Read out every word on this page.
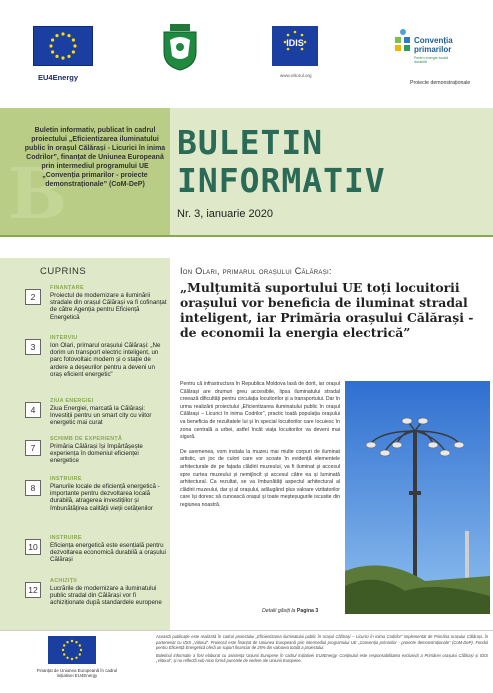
EU4Energy
IDIS
www.viitorul.org
Convenția
primarilor
Pentru energie locală
durabilă
Proiecte demonstraționale
B
Buletin informativ, publicat în cadrul proiectului „Eficientizarea iluminatului public în orașul Călărași - Licurici în inima Codrilor”, finanțat de Uniunea Europeană prin intermediul programului UE „Convenția primarilor - proiecte demonstraționale” (CoM-DeP)
BULETIN
INFORMATIV
Nr. 3, ianuarie 2020
CUPRINS
2
FINANȚARE
Proiectul de modernizare a iluminării stradale din orașul Călărași va fi cofinanțat de către Agenția pentru Eficiență Energetică
3
INTERVIU
Ion Olari, primarul orașului Călărași: „Ne dorim un transport electric inteligent, un parc fotovoltaic modern și o stație de ardere a deșeurilor pentru a deveni un oraș eficient energetic”
4
ZIUA ENERGIEI
Ziua Energiei, marcată la Călărași: Investiții pentru un smart city cu viitor energetic mai curat
7
SCHIMB DE EXPERIENȚĂ
Primăria Călărași își împărtășește experiența în domeniul eficienței energetice
8
INSTRUIRE
Planurile locale de eficiență energetică - importante pentru dezvoltarea locală durabilă, atragerea investițiilor și îmbunătățirea calității vieții cetățenilor
10
INSTRUIRE
Eficiența energetică este esențială pentru dezvoltarea economică durabilă a orașului Călărași
12
ACHIZIȚII
Lucrările de modernizare a iluminatului public stradal din Călărași vor fi achiziționate după standardele europene
Ion Olari, primarul orașului Călărași:
„Mulțumită suportului UE toți locuitorii orașului vor beneficia de iluminat stradal inteligent, iar Primăria orașului Călărași - de economii la energia electrică”

Pentru că infrastructura în Republica Moldova lasă de dorit, iar orașul Călărași are drumuri greu accesibile, lipsa iluminatului stradal creează dificultăți pentru circulația locuitorilor și a transportului. Dar în urma realizării proiectului „Eficientizarea iluminatului public în orașul Călărași – Licurici în inima Codrilor”, practic toată populația orașului va beneficia de rezultatele lui și în special locuitorilor care locuiesc în zona centrală a urbei, astfel încât viața locuitorilor va deveni mai sigură.

De asemenea, vom instala la muzeu mai multe corpuri de iluminat artistic, un joc de culori care vor scoate în evidență elementele arhitecturale de pe fațada clădirii muzeului, va fi iluminat și accesul spre curtea muzeului și nemijlocit și accesul către ea și luminată arhitectural. Ca rezultat, se va îmbunătăți aspectul arhitectural al clădirii muzeului, dar și al orașului, adăugând plus valoare vizitatorilor care își doresc să cunoască orașul și toate meșteșugurile iscusite din regiunea noastră.

Detalii găsiți la Pagina 3
Finanțat de Uniunea Europeană în cadrul inițiativei EU4Energy

Această publicație este realizată în cadrul proiectului „Eficientizarea iluminatului public în orașul Călărași – Licurici în inima Codrilor” implementat de Primăria orașului Călărași, în parteneriat cu IDIS „Viitorul”. Proiectul este finanțat de Uniunea Europeană prin intermediul programului UE „Convenția primarilor - proiecte demonstraționale” (CoM-DeP). Fondul pentru Eficiență Energetică oferă un suport financiar de 25% din valoarea totală a proiectului.

Buletinul informativ a fost elaborat cu asistența Uniunii Europene în cadrul Inițiativei EU4Energy. Conținutul este responsabilitatea exclusivă a Primăriei orașului Călărași și IDIS „Viitorul”, și nu reflectă sub nicio formă punctele de vedere ale Uniunii Europene.
